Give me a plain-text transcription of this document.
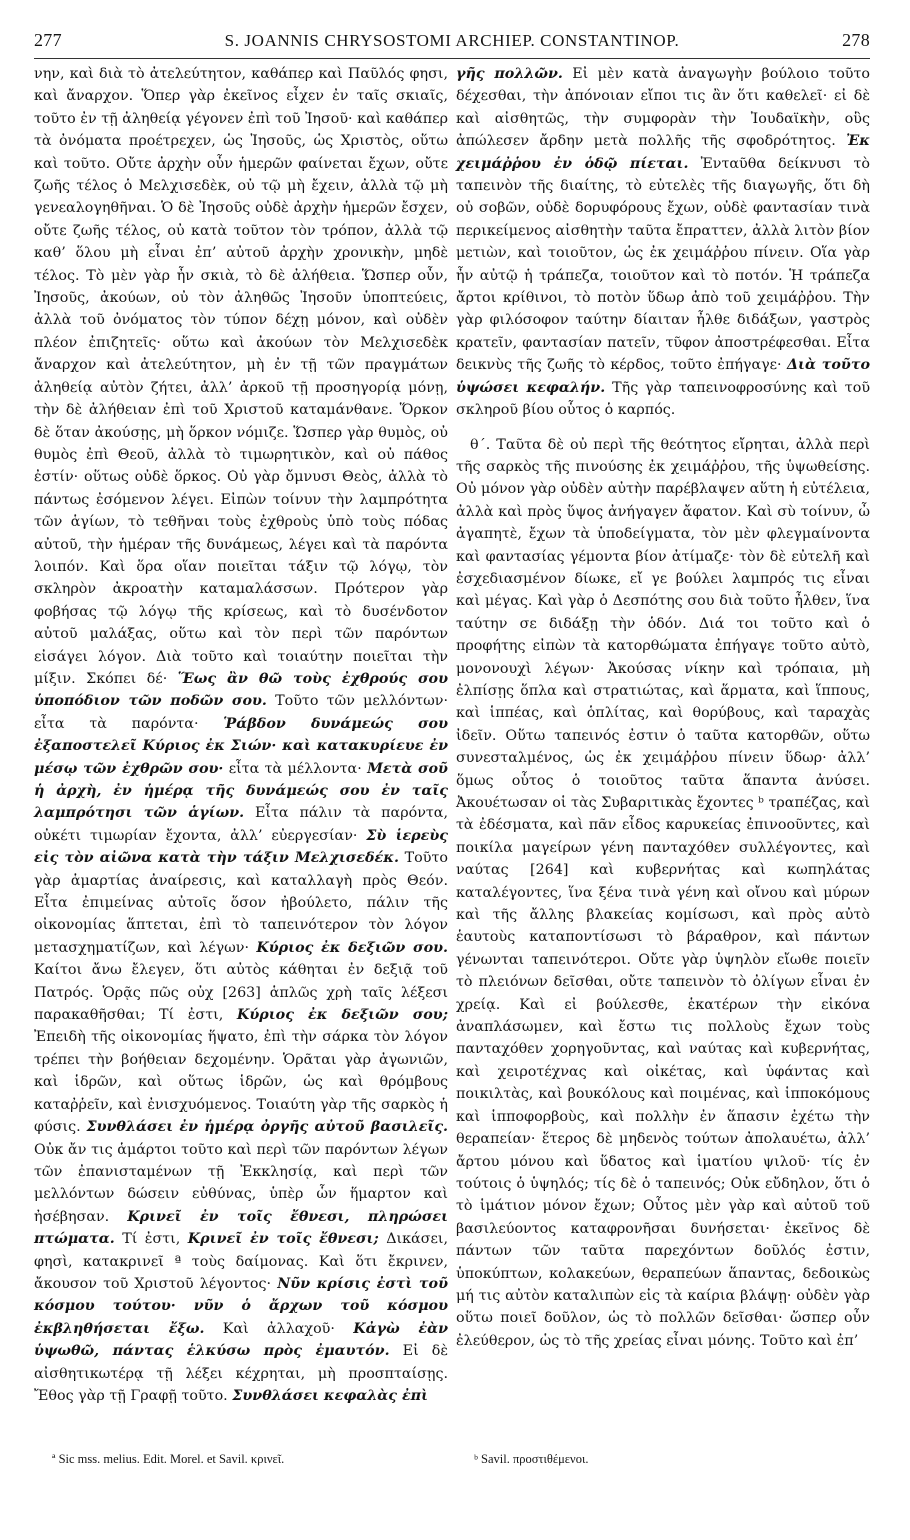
277	S. JOANNIS CHRYSOSTOMI ARCHIEP. CONSTANTINOP.	278

νην, καὶ διὰ τὸ ἀτελεύτητον, καθάπερ καὶ Παῦλός φησι, καὶ ἄναρχον. Ὅπερ γὰρ ἐκεῖνος εἶχεν ἐν ταῖς σκιαῖς, τοῦτο ἐν τῇ ἀληθείᾳ γέγονεν ἐπὶ τοῦ Ἰησοῦ· καὶ καθάπερ τὰ ὀνόματα προέτρεχεν, ὡς Ἰησοῦς, ὡς Χριστὸς, οὕτω καὶ τοῦτο. Οὔτε ἀρχὴν οὖν ἡμερῶν φαίνεται ἔχων, οὔτε ζωῆς τέλος ὁ Μελχισεδὲκ, οὐ τῷ μὴ ἔχειν, ἀλλὰ τῷ μὴ γενεαλογηθῆναι. Ὁ δὲ Ἰησοῦς οὐδὲ ἀρχὴν ἡμερῶν ἔσχεν, οὔτε ζωῆς τέλος, οὐ κατὰ τοῦτον τὸν τρόπον, ἀλλὰ τῷ καθ’ ὅλου μὴ εἶναι ἐπ’ αὐτοῦ ἀρχὴν χρονικὴν, μηδὲ τέλος. Τὸ μὲν γὰρ ἦν σκιὰ, τὸ δὲ ἀλήθεια. Ὥσπερ οὖν, Ἰησοῦς, ἀκούων, οὐ τὸν ἀληθῶς Ἰησοῦν ὑποπτεύεις, ἀλλὰ τοῦ ὀνόματος τὸν τύπον δέχῃ μόνον, καὶ οὐδὲν πλέον ἐπιζητεῖς· οὕτω καὶ ἀκούων τὸν Μελχισεδὲκ ἄναρχον καὶ ἀτελεύτητον, μὴ ἐν τῇ τῶν πραγμάτων ἀληθείᾳ αὐτὸν ζήτει, ἀλλ’ ἀρκοῦ τῇ προσηγορίᾳ μόνῃ, τὴν δὲ ἀλήθειαν ἐπὶ τοῦ Χριστοῦ καταμάνθανε. Ὅρκον δὲ ὅταν ἀκούσῃς, μὴ ὅρκον νόμιζε. Ὥσπερ γὰρ θυμὸς, οὐ θυμὸς ἐπὶ Θεοῦ, ἀλλὰ τὸ τιμωρητικὸν, καὶ οὐ πάθος ἐστίν· οὕτως οὐδὲ ὅρκος. Οὐ γὰρ ὄμνυσι Θεὸς, ἀλλὰ τὸ πάντως ἐσόμενον λέγει. Εἰπὼν τοίνυν τὴν λαμπρότητα τῶν ἁγίων, τὸ τεθῆναι τοὺς ἐχθροὺς ὑπὸ τοὺς πόδας αὐτοῦ, τὴν ἡμέραν τῆς δυνάμεως, λέγει καὶ τὰ παρόντα λοιπόν. Καὶ ὅρα οἵαν ποιεῖται τάξιν τῷ λόγῳ, τὸν σκληρὸν ἀκροατὴν καταμαλάσσων. Πρότερον γὰρ φοβήσας τῷ λόγῳ τῆς κρίσεως, καὶ τὸ δυσένδοτον αὐτοῦ μαλάξας, οὕτω καὶ τὸν περὶ τῶν παρόντων εἰσάγει λόγον. Διὰ τοῦτο καὶ τοιαύτην ποιεῖται τὴν μίξιν. Σκόπει δέ· Ἕως ἂν θῶ τοὺς ἐχθρούς σου ὑποπόδιον τῶν ποδῶν σου. Τοῦτο τῶν μελλόντων· εἶτα τὰ παρόντα· Ῥάβδον δυνάμεώς σου ἐξαποστελεῖ Κύριος ἐκ Σιών· καὶ κατακυρίευε ἐν μέσῳ τῶν ἐχθρῶν σου· εἶτα τὰ μέλλοντα· Μετὰ σοῦ ἡ ἀρχὴ, ἐν ἡμέρᾳ τῆς δυνάμεώς σου ἐν ταῖς λαμπρότησι τῶν ἁγίων. Εἶτα πάλιν τὰ παρόντα, οὐκέτι τιμωρίαν ἔχοντα, ἀλλ’ εὐεργεσίαν· Σὺ ἱερεὺς εἰς τὸν αἰῶνα κατὰ τὴν τάξιν Μελχισεδέκ. Τοῦτο γὰρ ἁμαρτίας ἀναίρεσις, καὶ καταλλαγὴ πρὸς Θεόν. Εἶτα ἐπιμείνας αὐτοῖς ὅσον ἠβούλετο, πάλιν τῆς οἰκονομίας ἅπτεται, ἐπὶ τὸ ταπεινότερον τὸν λόγον μετασχηματίζων, καὶ λέγων· Κύριος ἐκ δεξιῶν σου. Καίτοι ἄνω ἔλεγεν, ὅτι αὐτὸς κάθηται ἐν δεξιᾷ τοῦ Πατρός. Ὁρᾷς πῶς οὐχ [263] ἁπλῶς χρὴ ταῖς λέξεσι παρακαθῆσθαι; Τί ἐστι, Κύριος ἐκ δεξιῶν σου; Ἐπειδὴ τῆς οἰκονομίας ἥψατο, ἐπὶ τὴν σάρκα τὸν λόγον τρέπει τὴν βοήθειαν δεχομένην. Ὁρᾶται γὰρ ἀγωνιῶν, καὶ ἱδρῶν, καὶ οὕτως ἱδρῶν, ὡς καὶ θρόμβους καταῤῥεῖν, καὶ ἐνισχυόμενος. Τοιαύτη γὰρ τῆς σαρκὸς ἡ φύσις. Συνθλάσει ἐν ἡμέρᾳ ὀργῆς αὐτοῦ βασιλεῖς. Οὐκ ἄν τις ἁμάρτοι τοῦτο καὶ περὶ τῶν παρόντων λέγων τῶν ἐπανισταμένων τῇ Ἐκκλησίᾳ, καὶ περὶ τῶν μελλόντων δώσειν εὐθύνας, ὑπὲρ ὧν ἥμαρτον καὶ ἠσέβησαν. Κρινεῖ ἐν τοῖς ἔθνεσι, πληρώσει πτώματα. Τί ἐστι, Κρινεῖ ἐν τοῖς ἔθνεσι; Δικάσει, φησὶ, κατακρινεῖ ª τοὺς δαίμονας. Καὶ ὅτι ἔκρινεν, ἄκουσον τοῦ Χριστοῦ λέγοντος· Νῦν κρίσις ἐστὶ τοῦ κόσμου τούτου· νῦν ὁ ἄρχων τοῦ κόσμου ἐκβληθήσεται ἔξω. Καὶ ἀλλαχοῦ· Κἀγὼ ἐὰν ὑψωθῶ, πάντας ἑλκύσω πρὸς ἐμαυτόν. Εἰ δὲ αἰσθητικωτέρᾳ τῇ λέξει κέχρηται, μὴ προσπταίσῃς. Ἔθος γὰρ τῇ Γραφῇ τοῦτο. Συνθλάσει κεφαλὰς ἐπὶ

γῆς πολλῶν. Εἰ μὲν κατὰ ἀναγωγὴν βούλοιο τοῦτο δέχεσθαι, τὴν ἀπόνοιαν εἴποι τις ἂν ὅτι καθελεῖ· εἰ δὲ καὶ αἰσθητῶς, τὴν συμφορὰν τὴν Ἰουδαϊκὴν, οὓς ἀπώλεσεν ἄρδην μετὰ πολλῆς τῆς σφοδρότητος. Ἐκ χειμάῤῥου ἐν ὁδῷ πίεται. Ἐνταῦθα δείκνυσι τὸ ταπεινὸν τῆς διαίτης, τὸ εὐτελὲς τῆς διαγωγῆς, ὅτι δὴ οὐ σοβῶν, οὐδὲ δορυφόρους ἔχων, οὐδὲ φαντασίαν τινὰ περικείμενος αἰσθητὴν ταῦτα ἔπραττεν, ἀλλὰ λιτὸν βίον μετιὼν, καὶ τοιοῦτον, ὡς ἐκ χειμάῤῥου πίνειν. Οἵα γὰρ ἦν αὐτῷ ἡ τράπεζα, τοιοῦτον καὶ τὸ ποτόν. Ἡ τράπεζα ἄρτοι κρίθινοι, τὸ ποτὸν ὕδωρ ἀπὸ τοῦ χειμάῤῥου. Τὴν γὰρ φιλόσοφον ταύτην δίαιταν ἦλθε διδάξων, γαστρὸς κρατεῖν, φαντασίαν πατεῖν, τῦφον ἀποστρέφεσθαι. Εἶτα δεικνὺς τῆς ζωῆς τὸ κέρδος, τοῦτο ἐπήγαγε· Διὰ τοῦτο ὑψώσει κεφαλήν. Τῆς γὰρ ταπεινοφροσύνης καὶ τοῦ σκληροῦ βίου οὗτος ὁ καρπός.

θ΄. Ταῦτα δὲ οὐ περὶ τῆς θεότητος εἴρηται, ἀλλὰ περὶ τῆς σαρκὸς τῆς πινούσης ἐκ χειμάῤῥου, τῆς ὑψωθείσης. Οὐ μόνον γὰρ οὐδὲν αὐτὴν παρέβλαψεν αὕτη ἡ εὐτέλεια, ἀλλὰ καὶ πρὸς ὕψος ἀνήγαγεν ἄφατον. Καὶ σὺ τοίνυν, ὦ ἀγαπητὲ, ἔχων τὰ ὑποδείγματα, τὸν μὲν φλεγμαίνοντα καὶ φαντασίας γέμοντα βίον ἀτίμαζε· τὸν δὲ εὐτελῆ καὶ ἐσχεδιασμένον δίωκε, εἴ γε βούλει λαμπρός τις εἶναι καὶ μέγας. Καὶ γὰρ ὁ Δεσπότης σου διὰ τοῦτο ἦλθεν, ἵνα ταύτην σε διδάξῃ τὴν ὁδόν. Διά τοι τοῦτο καὶ ὁ προφήτης εἰπὼν τὰ κατορθώματα ἐπήγαγε τοῦτο αὐτὸ, μονονουχὶ λέγων· Ἀκούσας νίκην καὶ τρόπαια, μὴ ἐλπίσῃς ὅπλα καὶ στρατιώτας, καὶ ἅρματα, καὶ ἵππους, καὶ ἱππέας, καὶ ὁπλίτας, καὶ θορύβους, καὶ ταραχὰς ἰδεῖν. Οὕτω ταπεινός ἐστιν ὁ ταῦτα κατορθῶν, οὕτω συνεσταλμένος, ὡς ἐκ χειμάῤῥου πίνειν ὕδωρ· ἀλλ’ ὅμως οὗτος ὁ τοιοῦτος ταῦτα ἅπαντα ἀνύσει. Ἀκουέτωσαν οἱ τὰς Συβαριτικὰς ἔχοντες ᵇ τραπέζας, καὶ τὰ ἐδέσματα, καὶ πᾶν εἶδος καρυκείας ἐπινοοῦντες, καὶ ποικίλα μαγείρων γένη πανταχόθεν συλλέγοντες, καὶ ναύτας [264] καὶ κυβερνήτας καὶ κωπηλάτας καταλέγοντες, ἵνα ξένα τινὰ γένη καὶ οἴνου καὶ μύρων καὶ τῆς ἄλλης βλακείας κομίσωσι, καὶ πρὸς αὐτὸ ἑαυτοὺς καταποντίσωσι τὸ βάραθρον, καὶ πάντων γένωνται ταπεινότεροι. Οὔτε γὰρ ὑψηλὸν εἴωθε ποιεῖν τὸ πλειόνων δεῖσθαι, οὔτε ταπεινὸν τὸ ὀλίγων εἶναι ἐν χρείᾳ. Καὶ εἰ βούλεσθε, ἑκατέρων τὴν εἰκόνα ἀναπλάσωμεν, καὶ ἔστω τις πολλοὺς ἔχων τοὺς πανταχόθεν χορηγοῦντας, καὶ ναύτας καὶ κυβερνήτας, καὶ χειροτέχνας καὶ οἰκέτας, καὶ ὑφάντας καὶ ποικιλτὰς, καὶ βουκόλους καὶ ποιμένας, καὶ ἱπποκόμους καὶ ἱπποφορβοὺς, καὶ πολλὴν ἐν ἅπασιν ἐχέτω τὴν θεραπείαν· ἕτερος δὲ μηδενὸς τούτων ἀπολαυέτω, ἀλλ’ ἄρτου μόνου καὶ ὕδατος καὶ ἱματίου ψιλοῦ· τίς ἐν τούτοις ὁ ὑψηλός; τίς δὲ ὁ ταπεινός; Οὐκ εὔδηλον, ὅτι ὁ τὸ ἱμάτιον μόνον ἔχων; Οὗτος μὲν γὰρ καὶ αὐτοῦ τοῦ βασιλεύοντος καταφρονῆσαι δυνήσεται· ἐκεῖνος δὲ πάντων τῶν ταῦτα παρεχόντων δοῦλός ἐστιν, ὑποκύπτων, κολακεύων, θεραπεύων ἅπαντας, δεδοικὼς μή τις αὐτὸν καταλιπὼν εἰς τὰ καίρια βλάψῃ· οὐδὲν γὰρ οὕτω ποιεῖ δοῦλον, ὡς τὸ πολλῶν δεῖσθαι· ὥσπερ οὖν ἐλεύθερον, ὡς τὸ τῆς χρείας εἶναι μόνης. Τοῦτο καὶ ἐπ’

ª Sic mss. melius. Edit. Morel. et Savil. κρινεῖ.	ᵇ Savil. προστιθέμενοι.
